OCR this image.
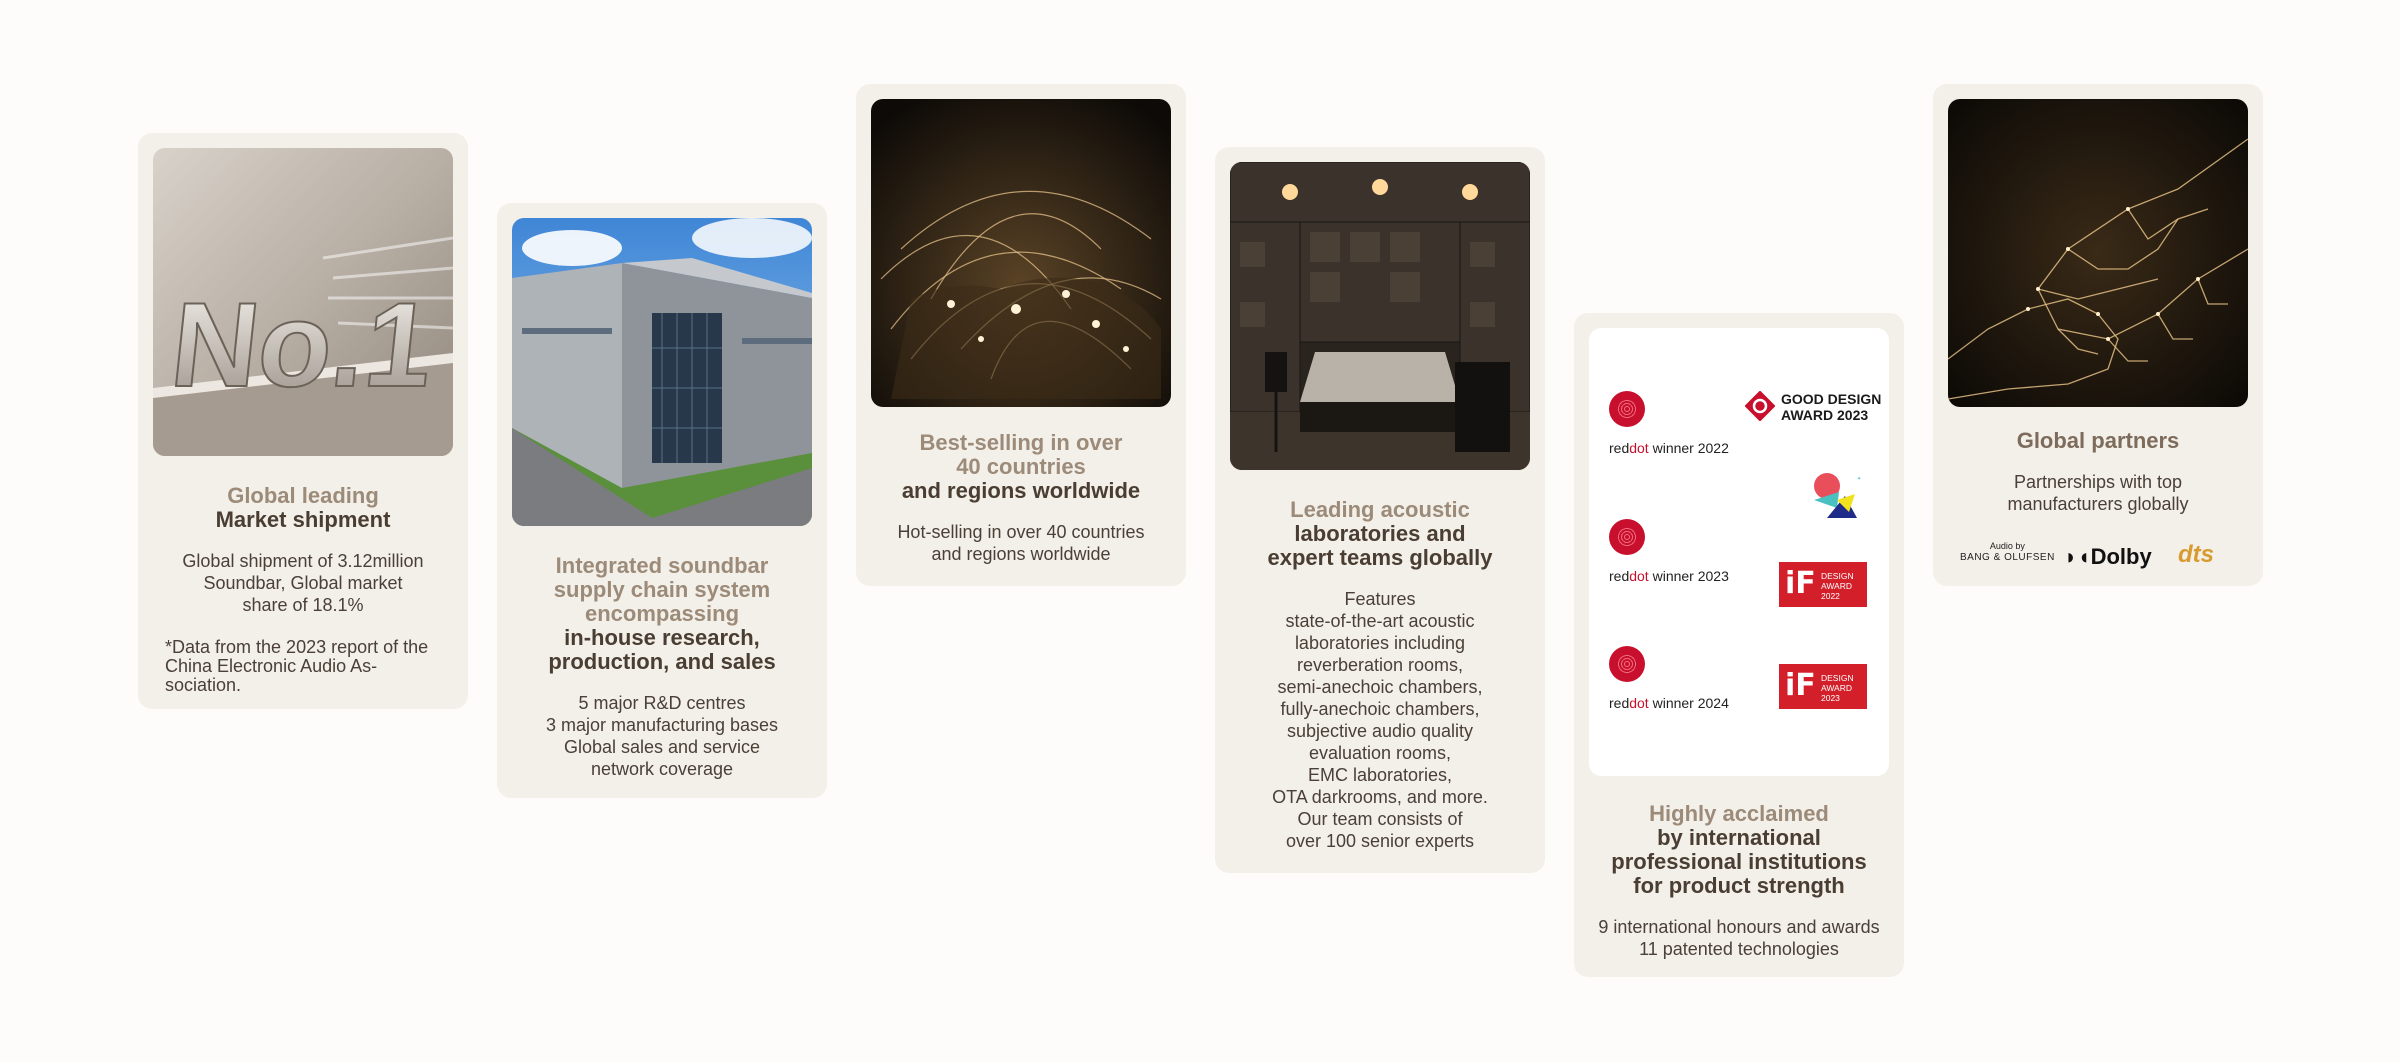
No.1
Global leading
Market shipment
Global shipment of 3.12million
Soundbar, Global market
share of 18.1%
*Data from the 2023 report of the China Electronic Audio As-sociation.
Integrated soundbar
supply chain system
encompassing
in-house research,
production, and sales
5 major R&D centres
3 major manufacturing bases
Global sales and service
network coverage
Best-selling in over
40 countries
and regions worldwide
Hot-selling in over 40 countries
and regions worldwide
Leading acoustic
laboratories and
expert teams globally
Features
state-of-the-art acoustic
laboratories including
reverberation rooms,
semi-anechoic chambers,
fully-anechoic chambers,
subjective audio quality
evaluation rooms,
EMC laboratories,
OTA darkrooms, and more.
Our team consists of
over 100 senior experts
reddot winner 2022
GOOD DESIGN
AWARD 2023
✦
reddot winner 2023 iF DESIGN
AWARD
2022
reddot winner 2024 iF DESIGN
AWARD
2023
Highly acclaimed
by international
professional institutions
for product strength
9 international honours and awards
11 patented technologies
Global partners
Partnerships with top
manufacturers globally
Audio by
BANG & OLUFSEN ◗◖Dolby dts
